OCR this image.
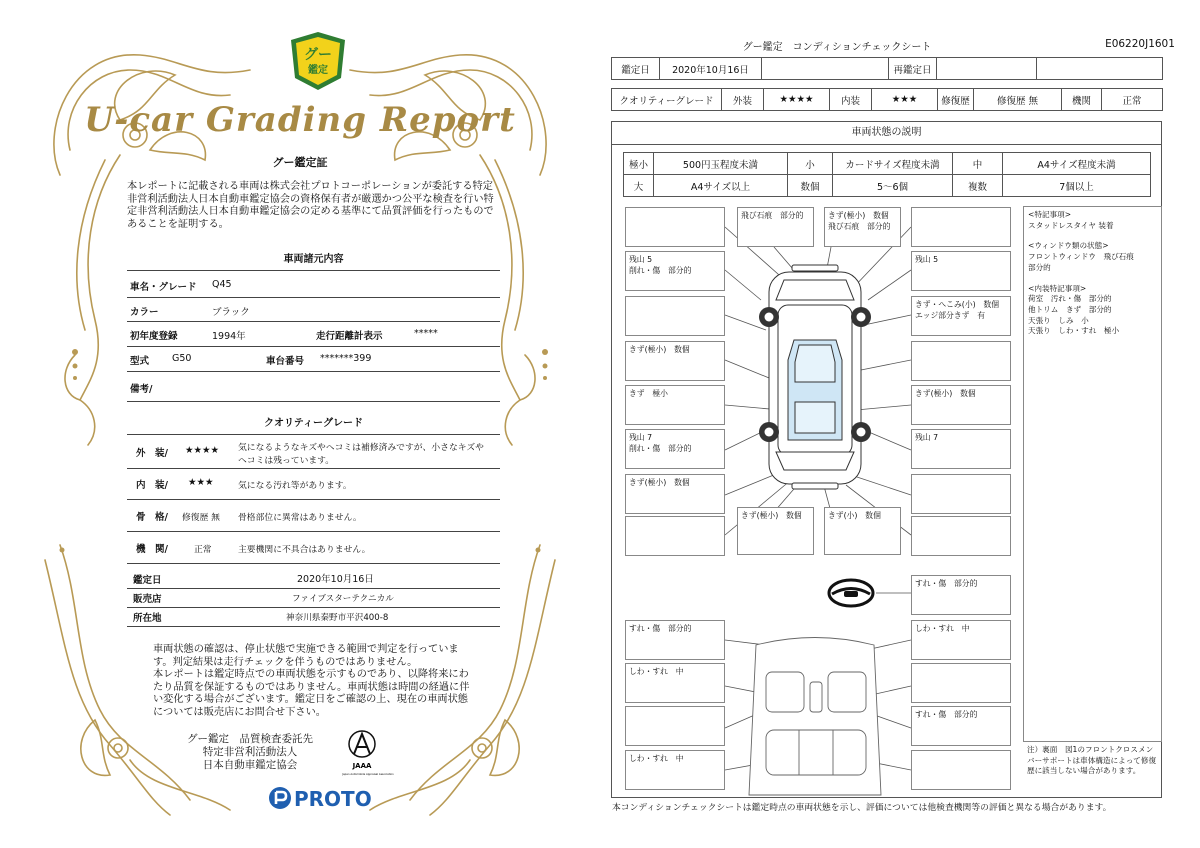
グー
鑑定
U-car Grading Report
グー鑑定証
本レポートに記載される車両は株式会社プロトコーポレーションが委託する特定非営利活動法人日本自動車鑑定協会の資格保有者が厳選かつ公平な検査を行い特定非営利活動法人日本自動車鑑定協会の定める基準にて品質評価を行ったものであることを証明する。
車両諸元内容
車名・グレード Q45
カラー	ブラック
初年度登録	1994年	走行距離計表示	*****
型式 G50	車台番号 *******399
備考/
クオリティーグレード
外　装/ ★★★★ 気になるようなキズやヘコミは補修済みですが、小さなキズや
ヘコミは残っています。
内　装/ ★★★	気になる汚れ等があります。
骨　格/ 修復歴 無 骨格部位に異常はありません。
機　関/	正常	主要機関に不具合はありません。
鑑定日	2020年10月16日
販売店	ファイブスターテクニカル
所在地	神奈川県秦野市平沢400-8
車両状態の確認は、停止状態で実施できる範囲で判定を行っています。判定結果は走行チェックを伴うものではありません。
本レポートは鑑定時点での車両状態を示すものであり、以降将来にわたり品質を保証するものではありません。車両状態は時間の経過に伴い変化する場合がございます。鑑定日をご確認の上、現在の車両状態については販売店にお問合せ下さい。
グー鑑定　品質検査委託先
特定非営利活動法人
日本自動車鑑定協会	JAAA
Japan Automobile Appraisal Association
PROTO
グー鑑定　コンディションチェックシート	E06220J1601
鑑定日	2020年10月16日		再鑑定日		
クオリティーグレード	外装	★★★★	内装	★★★	修復歴	修復歴 無	機関	正常
車両状態の説明
極小	500円玉程度未満	小	カードサイズ程度未満	中	A4サイズ程度未満
大	A4サイズ以上	数個	5～6個	複数	7個以上
飛び石痕　部分的	きず(極小)　数個
飛び石痕　部分的
残山 5
削れ・傷　部分的
残山 5
きず・へこみ(小)　数個
エッジ部分きず　有
きず(極小)　数個
きず　極小	きず(極小)　数個
残山 7
削れ・傷　部分的
残山 7
きず(極小)　数個
きず(極小)　数個	きず(小)　数個
すれ・傷　部分的
すれ・傷　部分的	しわ・すれ　中
しわ・すれ　中
すれ・傷　部分的
しわ・すれ　中
<特記事項>
スタッドレスタイヤ 装着
<ウィンドウ類の状態>
フロントウィンドウ　飛び石痕
部分的
<内装特記事項>
荷室　汚れ・傷　部分的
他トリム　きず　部分的
天張り　しみ　小
天張り　しわ・すれ　極小
注）裏面　図1のフロントクロスメンバーサポートは車体構造によって修復歴に該当しない場合があります。
本コンディションチェックシートは鑑定時点の車両状態を示し、評価については他検査機関等の評価と異なる場合があります。
